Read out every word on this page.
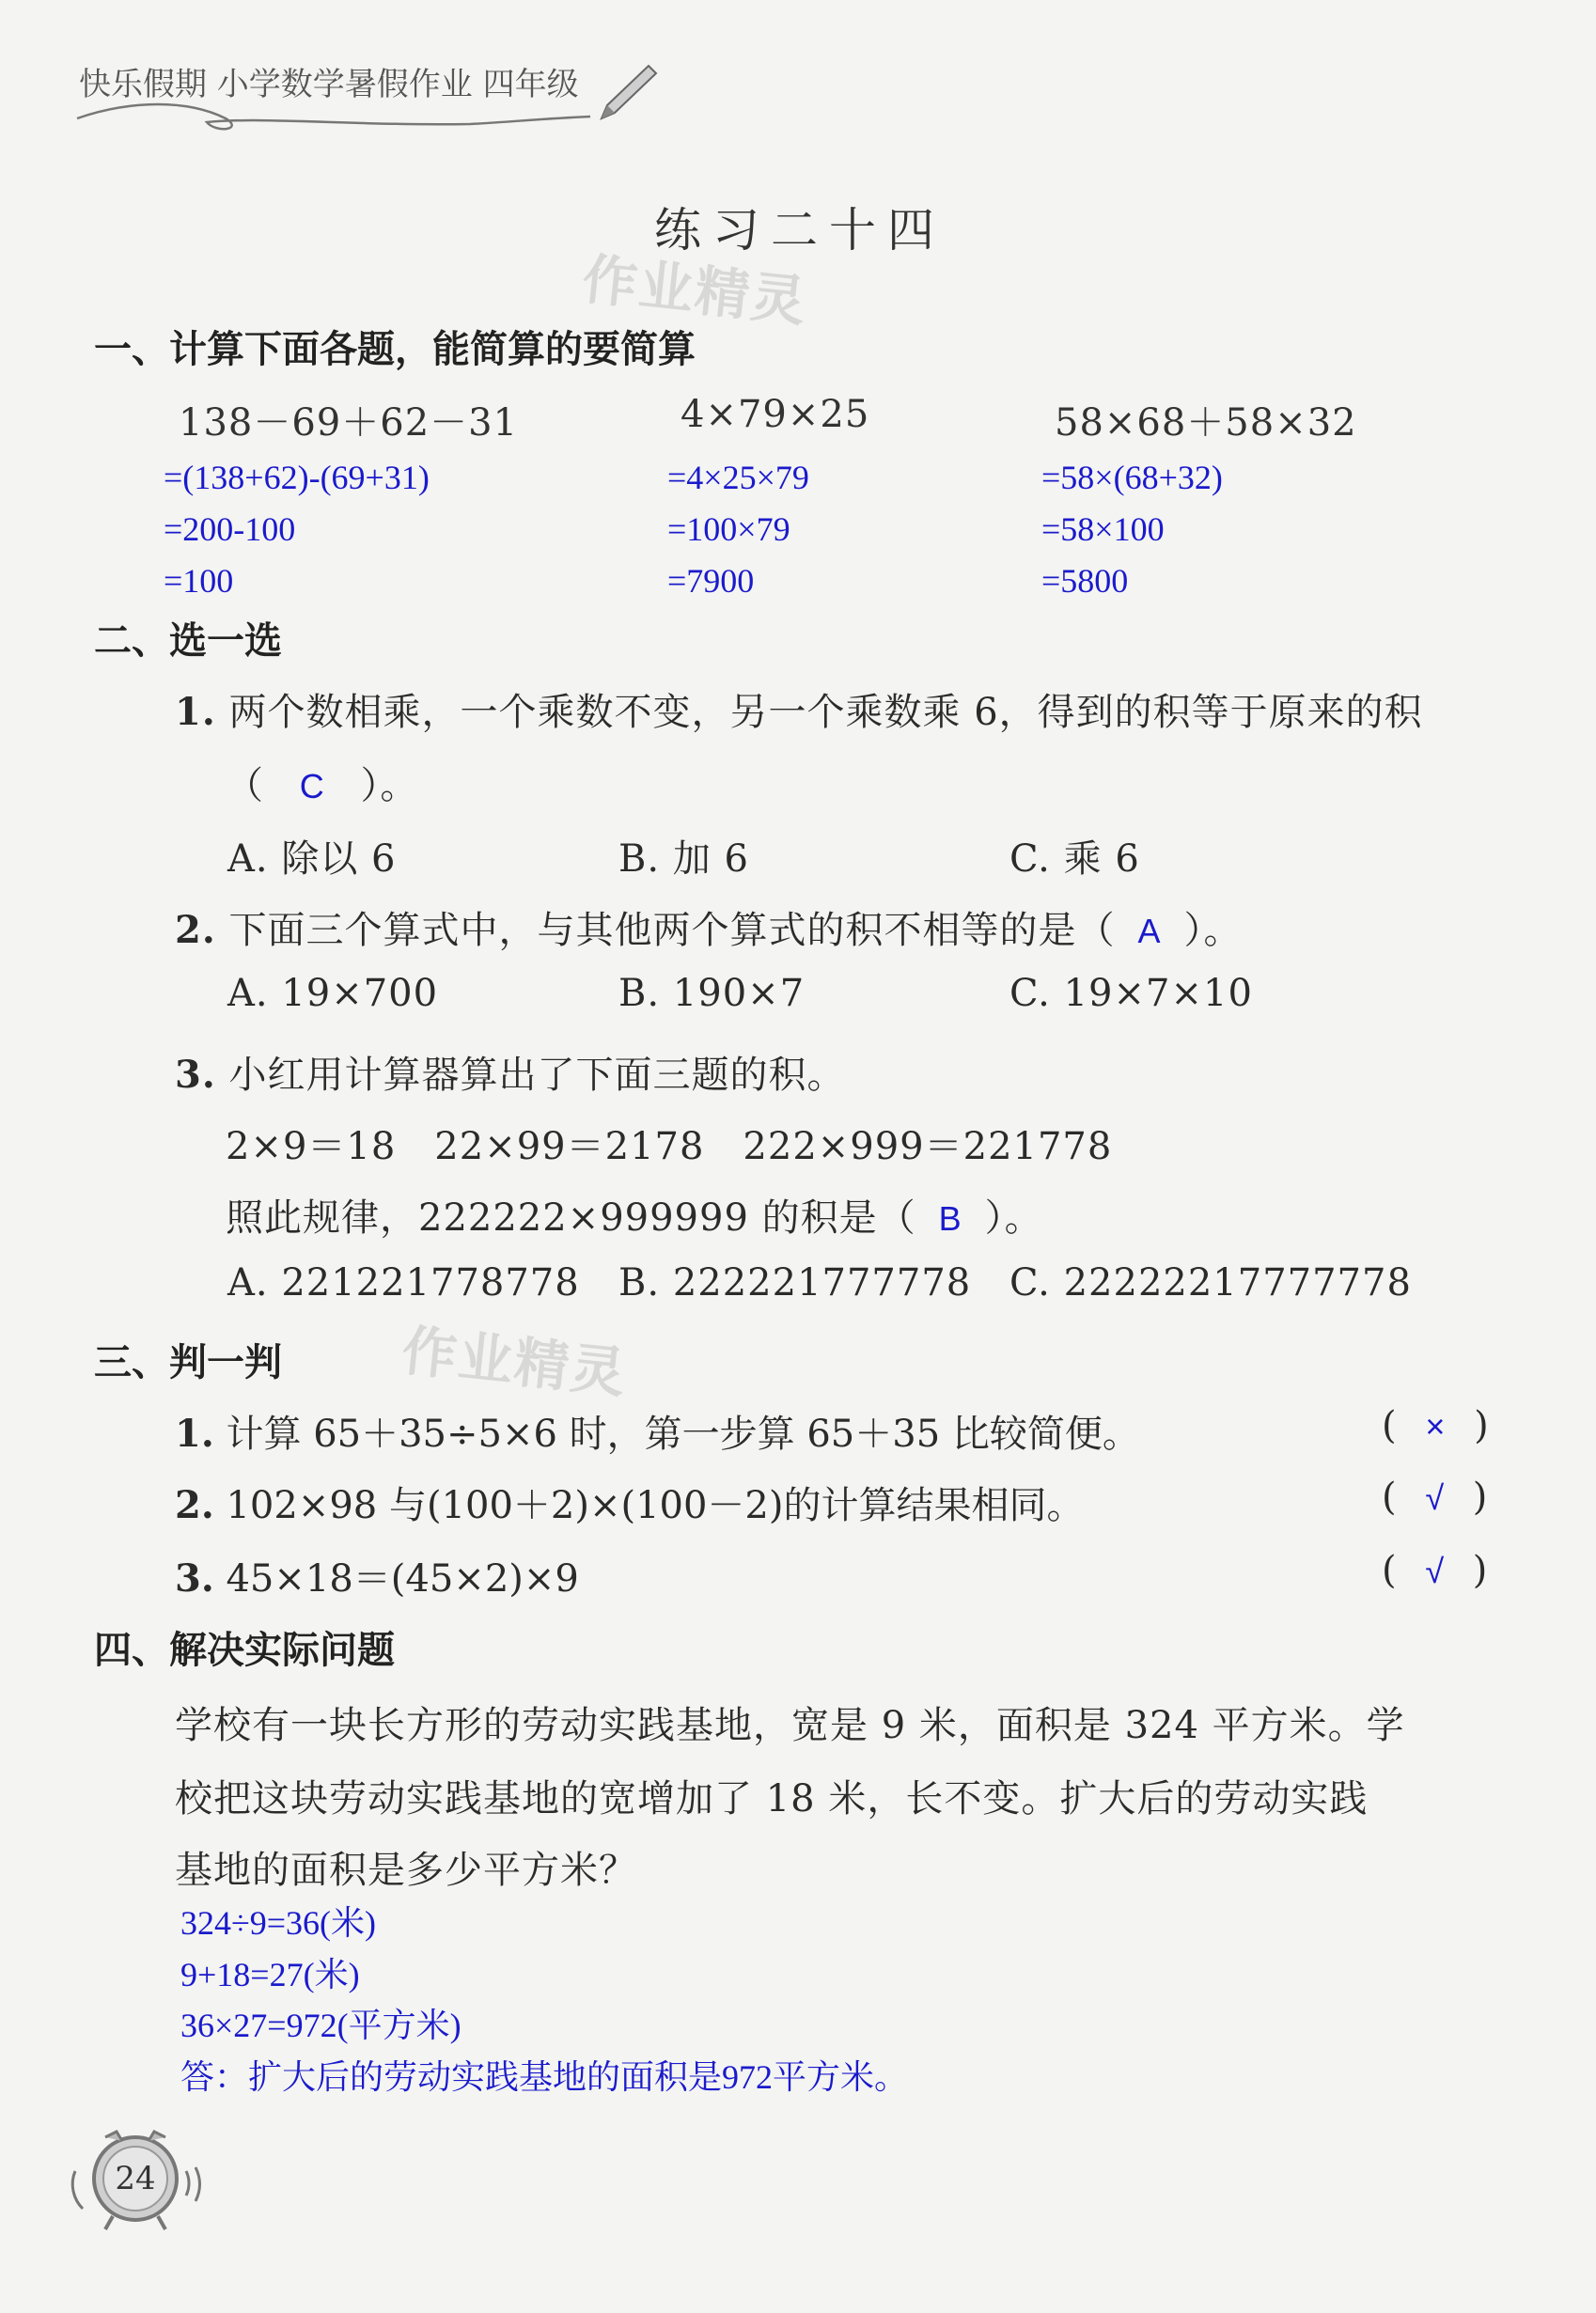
快乐假期 小学数学暑假作业 四年级
练习二十四
作业精灵
一、计算下面各题，能简算的要简算
138－69＋62－31
=(138+62)-(69+31)
=200-100
=100
4×79×25
=4×25×79
=100×79
=7900
58×68＋58×32
=58×(68+32)
=58×100
=5800
二、选一选
1. 两个数相乘，一个乘数不变，另一个乘数乘 6，得到的积等于原来的积
（ C ）。
A. 除以 6	B. 加 6	C. 乘 6
2. 下面三个算式中，与其他两个算式的积不相等的是（ A ）。
A. 19×700	B. 190×7	C. 19×7×10
3. 小红用计算器算出了下面三题的积。
2×9＝18　22×99＝2178　222×999＝221778
照此规律，222222×999999 的积是（ B ）。
A. 221221778778 B. 222221777778 C. 22222217777778
三、判一判 作业精灵
1. 计算 65＋35÷5×6 时，第一步算 65＋35 比较简便。	( × )
2. 102×98 与(100＋2)×(100－2)的计算结果相同。	( √ )
3. 45×18＝(45×2)×9	( √ )
四、解决实际问题
学校有一块长方形的劳动实践基地，宽是 9 米，面积是 324 平方米。学
校把这块劳动实践基地的宽增加了 18 米，长不变。扩大后的劳动实践
基地的面积是多少平方米？
324÷9=36(米)
9+18=27(米)
36×27=972(平方米)
答：扩大后的劳动实践基地的面积是972平方米。
24
